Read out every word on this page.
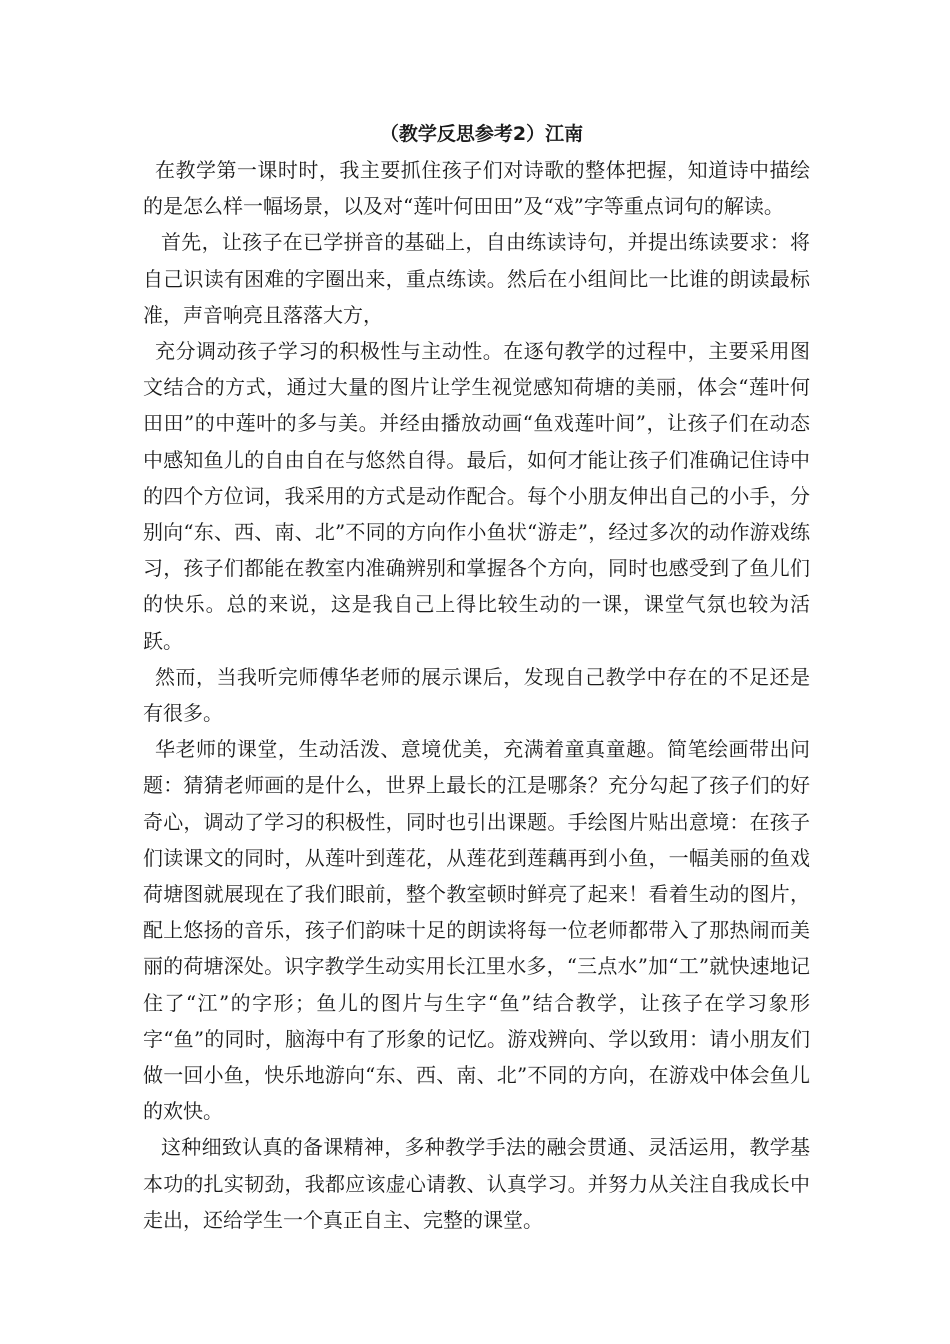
（教学反思参考2）江南

在教学第一课时时，我主要抓住孩子们对诗歌的整体把握，知道诗中描绘的是怎么样一幅场景，以及对“莲叶何田田”及“戏”字等重点词句的解读。

首先，让孩子在已学拼音的基础上，自由练读诗句，并提出练读要求：将自己识读有困难的字圈出来，重点练读。然后在小组间比一比谁的朗读最标准，声音响亮且落落大方，

充分调动孩子学习的积极性与主动性。在逐句教学的过程中，主要采用图文结合的方式，通过大量的图片让学生视觉感知荷塘的美丽，体会“莲叶何田田”的中莲叶的多与美。并经由播放动画“鱼戏莲叶间”，让孩子们在动态中感知鱼儿的自由自在与悠然自得。最后，如何才能让孩子们准确记住诗中的四个方位词，我采用的方式是动作配合。每个小朋友伸出自己的小手，分别向“东、西、南、北”不同的方向作小鱼状“游走”，经过多次的动作游戏练习，孩子们都能在教室内准确辨别和掌握各个方向，同时也感受到了鱼儿们的快乐。总的来说，这是我自己上得比较生动的一课，课堂气氛也较为活跃。

然而，当我听完师傅华老师的展示课后，发现自己教学中存在的不足还是有很多。

华老师的课堂，生动活泼、意境优美，充满着童真童趣。简笔绘画带出问题：猜猜老师画的是什么，世界上最长的江是哪条？充分勾起了孩子们的好奇心，调动了学习的积极性，同时也引出课题。手绘图片贴出意境：在孩子们读课文的同时，从莲叶到莲花，从莲花到莲藕再到小鱼，一幅美丽的鱼戏荷塘图就展现在了我们眼前，整个教室顿时鲜亮了起来！看着生动的图片，配上悠扬的音乐，孩子们韵味十足的朗读将每一位老师都带入了那热闹而美丽的荷塘深处。识字教学生动实用长江里水多，“三点水”加“工”就快速地记住了“江”的字形；鱼儿的图片与生字“鱼”结合教学，让孩子在学习象形字“鱼”的同时，脑海中有了形象的记忆。游戏辨向、学以致用：请小朋友们做一回小鱼，快乐地游向“东、西、南、北”不同的方向，在游戏中体会鱼儿的欢快。

这种细致认真的备课精神，多种教学手法的融会贯通、灵活运用，教学基本功的扎实韧劲，我都应该虚心请教、认真学习。并努力从关注自我成长中走出，还给学生一个真正自主、完整的课堂。
